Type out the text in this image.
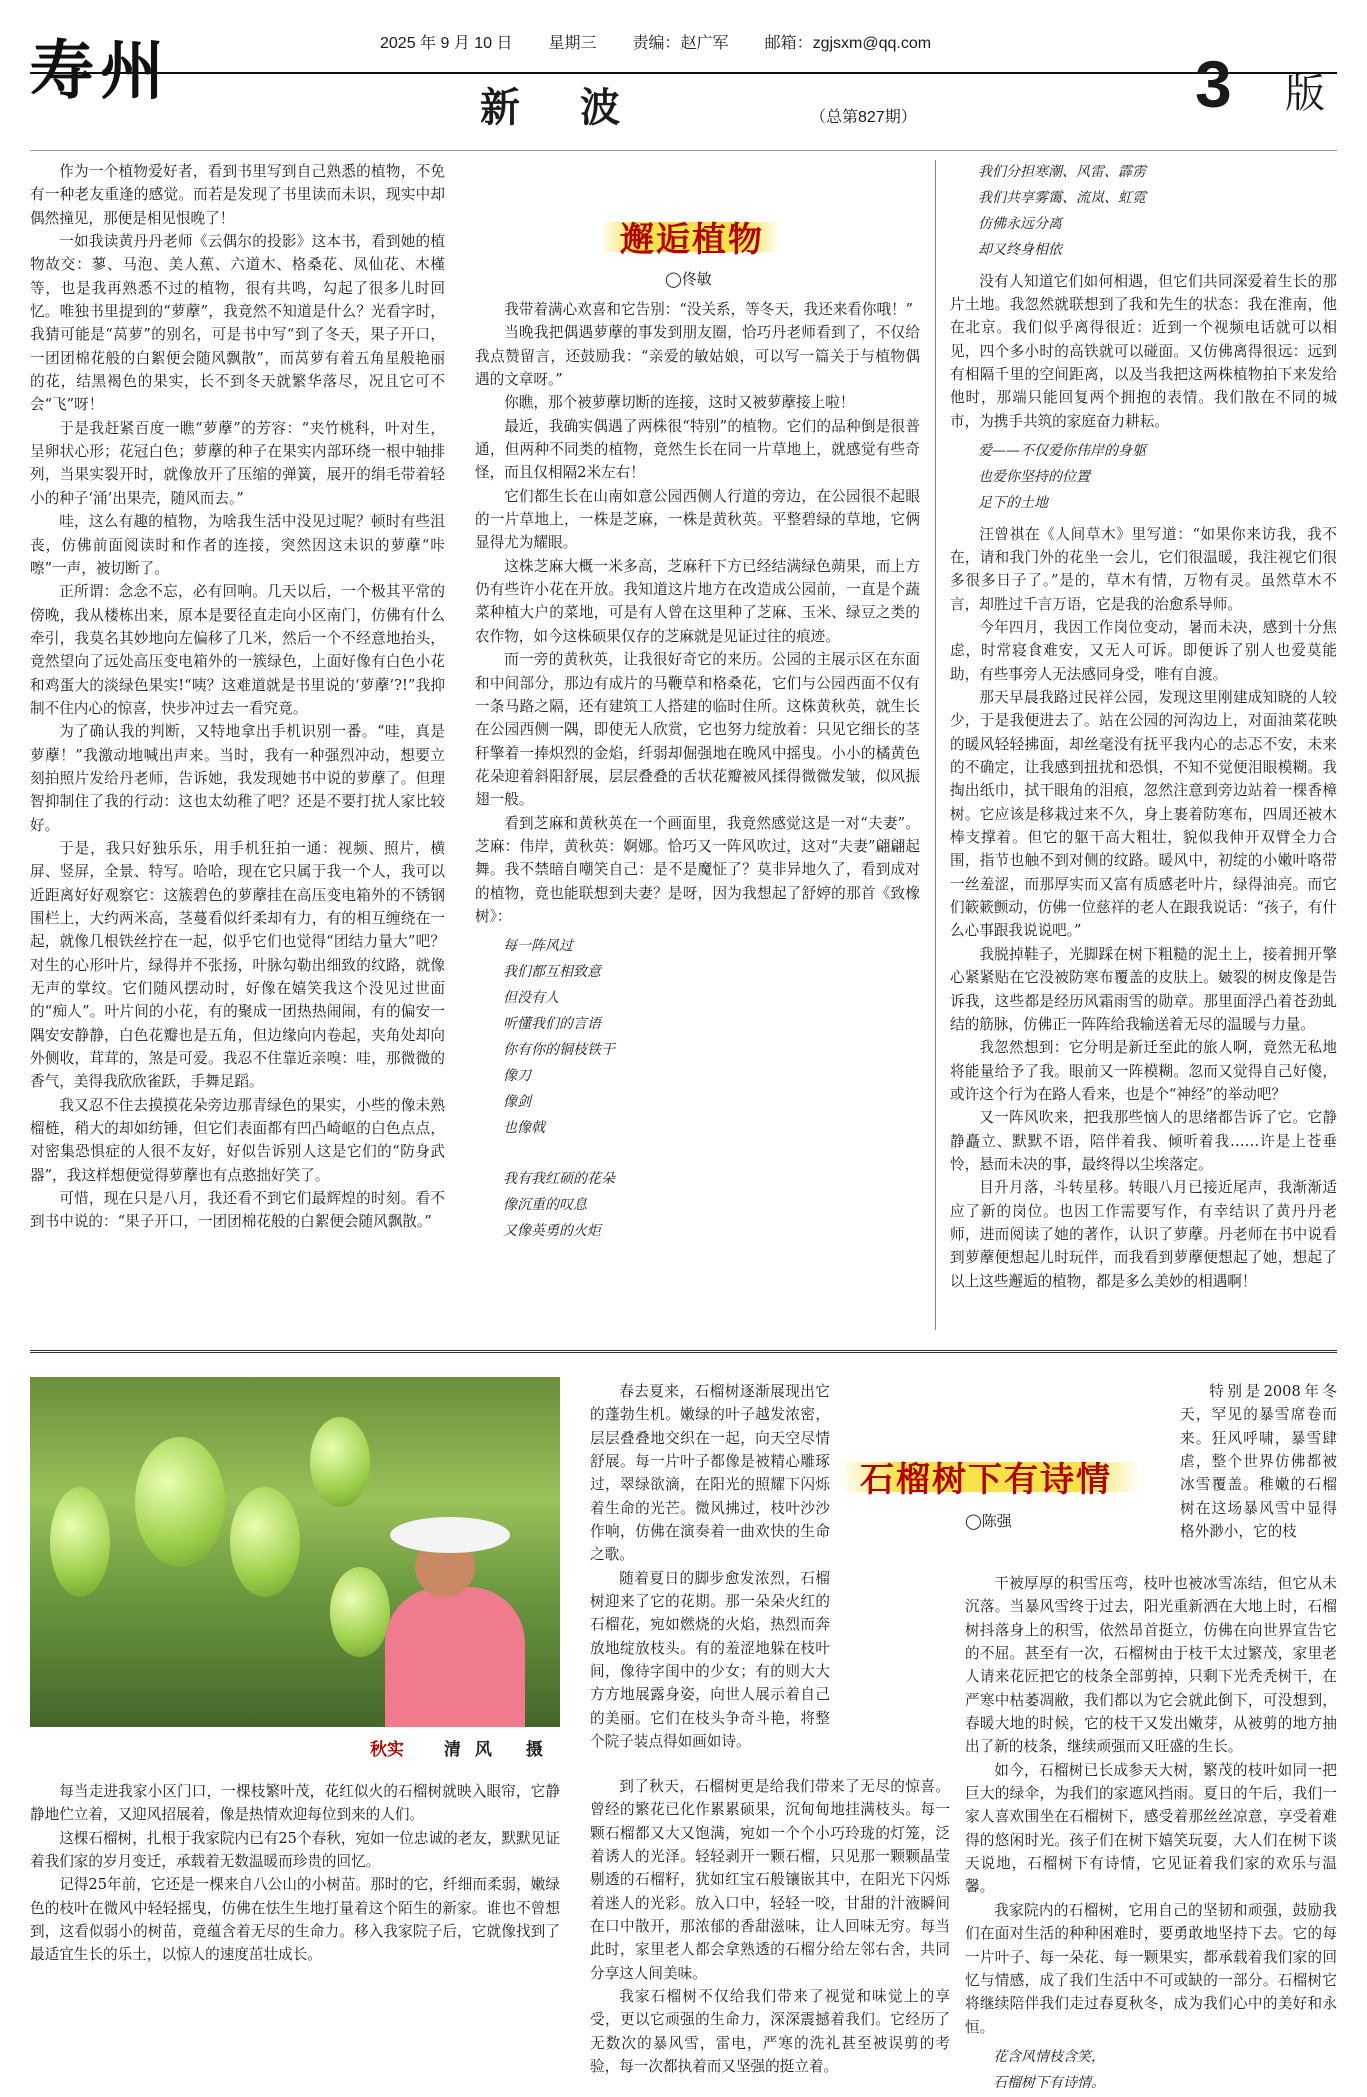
寿州	2025 年 9 月 10 日 星期三 责编：赵广军 邮箱：zgjsxm@qq.com
新波	（总第827期）	3 版

作为一个植物爱好者，看到书里写到自己熟悉的植物，不免有一种老友重逢的感觉。而若是发现了书里读而未识，现实中却偶然撞见，那便是相见恨晚了！

一如我读黄丹丹老师《云偶尔的投影》这本书，看到她的植物故交：蓼、马泡、美人蕉、六道木、格桑花、凤仙花、木槿等，也是我再熟悉不过的植物，很有共鸣，勾起了很多儿时回忆。唯独书里提到的“萝藦”，我竟然不知道是什么？光看字时，我猜可能是“莴萝”的别名，可是书中写“到了冬天，果子开口，一团团棉花般的白絮便会随风飘散”，而莴萝有着五角星般艳丽的花，结黑褐色的果实，长不到冬天就繁华落尽，况且它可不会“飞”呀！

于是我赶紧百度一瞧“萝藦”的芳容：“夹竹桃科，叶对生，呈卵状心形；花冠白色；萝藦的种子在果实内部环绕一根中轴排列，当果实裂开时，就像放开了压缩的弹簧，展开的绢毛带着轻小的种子‘涌’出果壳，随风而去。”

哇，这么有趣的植物，为啥我生活中没见过呢？顿时有些沮丧，仿佛前面阅读时和作者的连接，突然因这未识的萝藦“咔嚓”一声，被切断了。

正所谓：念念不忘，必有回响。几天以后，一个极其平常的傍晚，我从楼栋出来，原本是要径直走向小区南门，仿佛有什么牵引，我莫名其妙地向左偏移了几米，然后一个不经意地抬头，竟然望向了远处高压变电箱外的一簇绿色，上面好像有白色小花和鸡蛋大的淡绿色果实!“咦？这难道就是书里说的‘萝藦’?!”我抑制不住内心的惊喜，快步冲过去一看究竟。

为了确认我的判断，又特地拿出手机识别一番。“哇，真是萝藦！”我激动地喊出声来。当时，我有一种强烈冲动，想要立刻拍照片发给丹老师，告诉她，我发现她书中说的萝藦了。但理智抑制住了我的行动：这也太幼稚了吧？还是不要打扰人家比较好。

于是，我只好独乐乐，用手机狂拍一通：视频、照片，横屏、竖屏，全景、特写。哈哈，现在它只属于我一个人，我可以近距离好好观察它：这簇碧色的萝藦挂在高压变电箱外的不锈钢围栏上，大约两米高，茎蔓看似纤柔却有力，有的相互缠绕在一起，就像几根铁丝拧在一起，似乎它们也觉得“团结力量大”吧？对生的心形叶片，绿得并不张扬，叶脉勾勒出细致的纹路，就像无声的掌纹。它们随风摆动时，好像在嬉笑我这个没见过世面的“痴人”。叶片间的小花，有的聚成一团热热闹闹，有的偏安一隅安安静静，白色花瓣也是五角，但边缘向内卷起，夹角处却向外侧收，茸茸的，煞是可爱。我忍不住靠近亲嗅：哇，那微微的香气，美得我欣欣雀跃，手舞足蹈。

我又忍不住去摸摸花朵旁边那青绿色的果实，小些的像未熟榴梿，稍大的却如纺锤，但它们表面都有凹凸崎岖的白色点点，对密集恐惧症的人很不友好，好似告诉别人这是它们的“防身武器”，我这样想便觉得萝藦也有点憨拙好笑了。

可惜，现在只是八月，我还看不到它们最辉煌的时刻。看不到书中说的：“果子开口，一团团棉花般的白絮便会随风飘散。”

邂逅植物
◯佟敏

我带着满心欢喜和它告别：“没关系，等冬天，我还来看你哦！”

当晚我把偶遇萝藦的事发到朋友圈，恰巧丹老师看到了，不仅给我点赞留言，还鼓励我：“亲爱的敏姑娘，可以写一篇关于与植物偶遇的文章呀。”

你瞧，那个被萝藦切断的连接，这时又被萝藦接上啦！

最近，我确实偶遇了两株很“特别”的植物。它们的品种倒是很普通，但两种不同类的植物，竟然生长在同一片草地上，就感觉有些奇怪，而且仅相隔2米左右！

它们都生长在山南如意公园西侧人行道的旁边，在公园很不起眼的一片草地上，一株是芝麻，一株是黄秋英。平整碧绿的草地，它俩显得尤为耀眼。

这株芝麻大概一米多高，芝麻秆下方已经结满绿色蒴果，而上方仍有些许小花在开放。我知道这片地方在改造成公园前，一直是个蔬菜种植大户的菜地，可是有人曾在这里种了芝麻、玉米、绿豆之类的农作物，如今这株硕果仅存的芝麻就是见证过往的痕迹。

而一旁的黄秋英，让我很好奇它的来历。公园的主展示区在东面和中间部分，那边有成片的马鞭草和格桑花，它们与公园西面不仅有一条马路之隔，还有建筑工人搭建的临时住所。这株黄秋英，就生长在公园西侧一隅，即使无人欣赏，它也努力绽放着：只见它细长的茎秆擎着一捧炽烈的金焰，纤弱却倔强地在晚风中摇曳。小小的橘黄色花朵迎着斜阳舒展，层层叠叠的舌状花瓣被风揉得微微发皱，似风振翅一般。

看到芝麻和黄秋英在一个画面里，我竟然感觉这是一对“夫妻”。芝麻：伟岸，黄秋英：婀娜。恰巧又一阵风吹过，这对“夫妻”翩翩起舞。我不禁暗自嘲笑自己：是不是魔怔了？莫非异地久了，看到成对的植物，竟也能联想到夫妻？是呀，因为我想起了舒婷的那首《致橡树》：

每一阵风过
我们都互相致意
但没有人
听懂我们的言语
你有你的铜枝铁干
像刀
像剑
也像戟

我有我红硕的花朵
像沉重的叹息
又像英勇的火炬
我们分担寒潮、风雷、霹雳
我们共享雾霭、流岚、虹霓
仿佛永远分离
却又终身相依

没有人知道它们如何相遇，但它们共同深爱着生长的那片土地。我忽然就联想到了我和先生的状态：我在淮南，他在北京。我们似乎离得很近：近到一个视频电话就可以相见，四个多小时的高铁就可以碰面。又仿佛离得很远：远到有相隔千里的空间距离，以及当我把这两株植物拍下来发给他时，那端只能回复两个拥抱的表情。我们散在不同的城市，为携手共筑的家庭奋力耕耘。

爱——不仅爱你伟岸的身躯
也爱你坚持的位置
足下的土地

汪曾祺在《人间草木》里写道：“如果你来访我，我不在，请和我门外的花坐一会儿，它们很温暖，我注视它们很多很多日子了。”是的，草木有情，万物有灵。虽然草木不言，却胜过千言万语，它是我的治愈系导师。

今年四月，我因工作岗位变动，暑而未决，感到十分焦虑，时常寝食难安，又无人可诉。即便诉了别人也爱莫能助，有些事旁人无法感同身受，唯有自渡。

那天早晨我路过民祥公园，发现这里刚建成知晓的人较少，于是我便进去了。站在公园的河沟边上，对面油菜花映的暖风轻轻拂面，却丝毫没有抚平我内心的忐忑不安，未来的不确定，让我感到扭扰和恐惧，不知不觉便泪眼模糊。我掏出纸巾，拭干眼角的泪痕，忽然注意到旁边站着一棵香樟树。它应该是移栽过来不久，身上裹着防寒布，四周还被木棒支撑着。但它的躯干高大粗壮，貌似我伸开双臂全力合围，指节也触不到对侧的纹路。暖风中，初绽的小嫩叶咯带一丝羞涩，而那厚实而又富有质感老叶片，绿得油亮。而它们簌簌颤动，仿佛一位慈祥的老人在跟我说话：“孩子，有什么心事跟我说说吧。”

我脱掉鞋子，光脚踩在树下粗糙的泥土上，接着拥开擎心紧紧贴在它没被防寒布覆盖的皮肤上。皴裂的树皮像是告诉我，这些都是经历风霜雨雪的勋章。那里面浮凸着苍劲虬结的筋脉，仿佛正一阵阵给我输送着无尽的温暖与力量。

我忽然想到：它分明是新迁至此的旅人啊，竟然无私地将能量给予了我。眼前又一阵模糊。忽而又觉得自己好傻，或许这个行为在路人看来，也是个“神经”的举动吧？

又一阵风吹来，把我那些恼人的思绪都告诉了它。它静静矗立、默默不语，陪伴着我、倾听着我……许是上苍垂怜，悬而未决的事，最终得以尘埃落定。

目升月落，斗转星移。转眼八月已接近尾声，我渐渐适应了新的岗位。也因工作需要写作，有幸结识了黄丹丹老师，进而阅读了她的著作，认识了萝藦。丹老师在书中说看到萝藦便想起儿时玩伴，而我看到萝藦便想起了她，想起了以上这些邂逅的植物，都是多么美妙的相遇啊！

秋实 清风 摄

每当走进我家小区门口，一棵枝繁叶茂，花红似火的石榴树就映入眼帘，它静静地伫立着，又迎风招展着，像是热情欢迎每位到来的人们。

这棵石榴树，扎根于我家院内已有25个春秋，宛如一位忠诚的老友，默默见证着我们家的岁月变迁，承载着无数温暖而珍贵的回忆。

记得25年前，它还是一棵来自八公山的小树苗。那时的它，纤细而柔弱，嫩绿色的枝叶在微风中轻轻摇曳，仿佛在怯生生地打量着这个陌生的新家。谁也不曾想到，这看似弱小的树苗，竟蕴含着无尽的生命力。移入我家院子后，它就像找到了最适宜生长的乐土，以惊人的速度茁壮成长。

春去夏来，石榴树逐渐展现出它的蓬勃生机。嫩绿的叶子越发浓密，层层叠叠地交织在一起，向天空尽情舒展。每一片叶子都像是被精心雕琢过，翠绿欲滴，在阳光的照耀下闪烁着生命的光芒。微风拂过，枝叶沙沙作响，仿佛在演奏着一曲欢快的生命之歌。

随着夏日的脚步愈发浓烈，石榴树迎来了它的花期。那一朵朵火红的石榴花，宛如燃烧的火焰，热烈而奔放地绽放枝头。有的羞涩地躲在枝叶间，像待字闺中的少女；有的则大大方方地展露身姿，向世人展示着自己的美丽。它们在枝头争奇斗艳，将整个院子装点得如画如诗。

石榴树下有诗情
◯陈强

特别是2008年冬天，罕见的暴雪席卷而来。狂风呼啸，暴雪肆虐，整个世界仿佛都被冰雪覆盖。稚嫩的石榴树在这场暴风雪中显得格外渺小，它的枝

到了秋天，石榴树更是给我们带来了无尽的惊喜。曾经的繁花已化作累累硕果，沉甸甸地挂满枝头。每一颗石榴都又大又饱满，宛如一个个小巧玲珑的灯笼，泛着诱人的光泽。轻轻剥开一颗石榴，只见那一颗颗晶莹剔透的石榴籽，犹如红宝石般镶嵌其中，在阳光下闪烁着迷人的光彩。放入口中，轻轻一咬，甘甜的汁液瞬间在口中散开，那浓郁的香甜滋味，让人回味无穷。每当此时，家里老人都会拿熟透的石榴分给左邻右舍，共同分享这人间美味。

我家石榴树不仅给我们带来了视觉和味觉上的享受，更以它顽强的生命力，深深震撼着我们。它经历了无数次的暴风雪，雷电，严寒的洗礼甚至被误剪的考验，每一次都执着而又坚强的挺立着。

干被厚厚的积雪压弯，枝叶也被冰雪冻结，但它从未沉落。当暴风雪终于过去，阳光重新洒在大地上时，石榴树抖落身上的积雪，依然昂首挺立，仿佛在向世界宣告它的不屈。甚至有一次，石榴树由于枝干太过繁茂，家里老人请来花匠把它的枝条全部剪掉，只剩下光秃秃树干，在严寒中枯萎凋敝，我们都以为它会就此倒下，可没想到，春暖大地的时候，它的枝干又发出嫩芽，从被剪的地方抽出了新的枝条，继续顽强而又旺盛的生长。

如今，石榴树已长成参天大树，繁茂的枝叶如同一把巨大的绿伞，为我们的家遮风挡雨。夏日的午后，我们一家人喜欢围坐在石榴树下，感受着那丝丝凉意，享受着难得的悠闲时光。孩子们在树下嬉笑玩耍，大人们在树下谈天说地，石榴树下有诗情，它见证着我们家的欢乐与温馨。

我家院内的石榴树，它用自己的坚韧和顽强，鼓励我们在面对生活的种种困难时，要勇敢地坚持下去。它的每一片叶子、每一朵花、每一颗果实，都承载着我们家的回忆与情感，成了我们生活中不可或缺的一部分。石榴树它将继续陪伴我们走过春夏秋冬，成为我们心中的美好和永恒。

花含风情枝含笑，
石榴树下有诗情。
